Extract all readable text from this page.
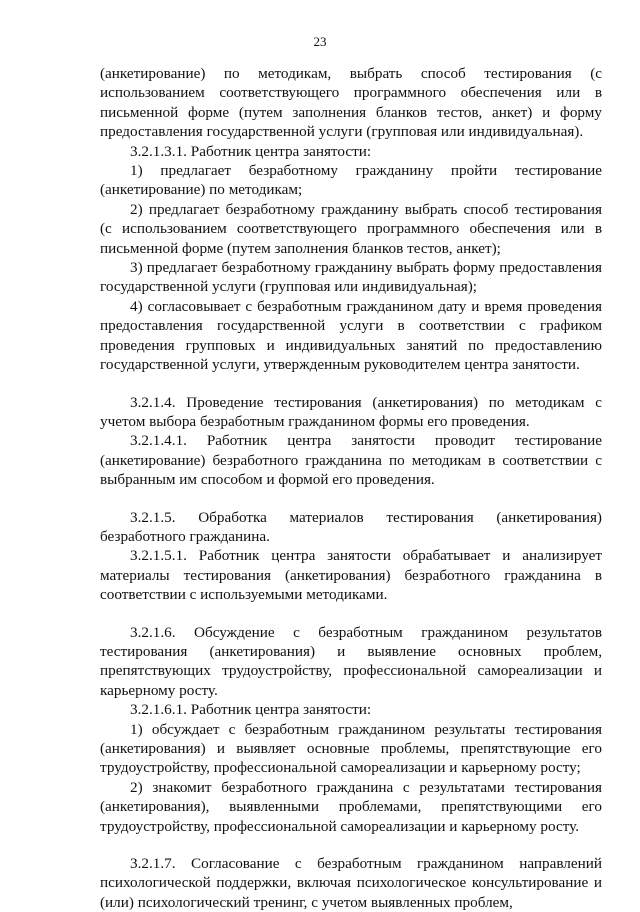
23

(анкетирование) по методикам, выбрать способ тестирования (с использованием соответствующего программного обеспечения или в письменной форме (путем заполнения бланков тестов, анкет) и форму предоставления государственной услуги (групповая или индивидуальная).

3.2.1.3.1. Работник центра занятости:

1) предлагает безработному гражданину пройти тестирование (анкетирование) по методикам;

2) предлагает безработному гражданину выбрать способ тестирования (с использованием соответствующего программного обеспечения или в письменной форме (путем заполнения бланков тестов, анкет);

3) предлагает безработному гражданину выбрать форму предоставления государственной услуги (групповая или индивидуальная);

4) согласовывает с безработным гражданином дату и время проведения предоставления государственной услуги в соответствии с графиком проведения групповых и индивидуальных занятий по предоставлению государственной услуги, утвержденным руководителем центра занятости.

3.2.1.4. Проведение тестирования (анкетирования) по методикам с учетом выбора безработным гражданином формы его проведения.

3.2.1.4.1. Работник центра занятости проводит тестирование (анкетирование) безработного гражданина по методикам в соответствии с выбранным им способом и формой его проведения.

3.2.1.5. Обработка материалов тестирования (анкетирования) безработного гражданина.

3.2.1.5.1. Работник центра занятости обрабатывает и анализирует материалы тестирования (анкетирования) безработного гражданина в соответствии с используемыми методиками.

3.2.1.6. Обсуждение с безработным гражданином результатов тестирования (анкетирования) и выявление основных проблем, препятствующих трудоустройству, профессиональной самореализации и карьерному росту.

3.2.1.6.1. Работник центра занятости:

1) обсуждает с безработным гражданином результаты тестирования (анкетирования) и выявляет основные проблемы, препятствующие его трудоустройству, профессиональной самореализации и карьерному росту;

2) знакомит безработного гражданина с результатами тестирования (анкетирования), выявленными проблемами, препятствующими его трудоустройству, профессиональной самореализации и карьерному росту.

3.2.1.7. Согласование с безработным гражданином направлений психологической поддержки, включая психологическое консультирование и (или) психологический тренинг, с учетом выявленных проблем,
